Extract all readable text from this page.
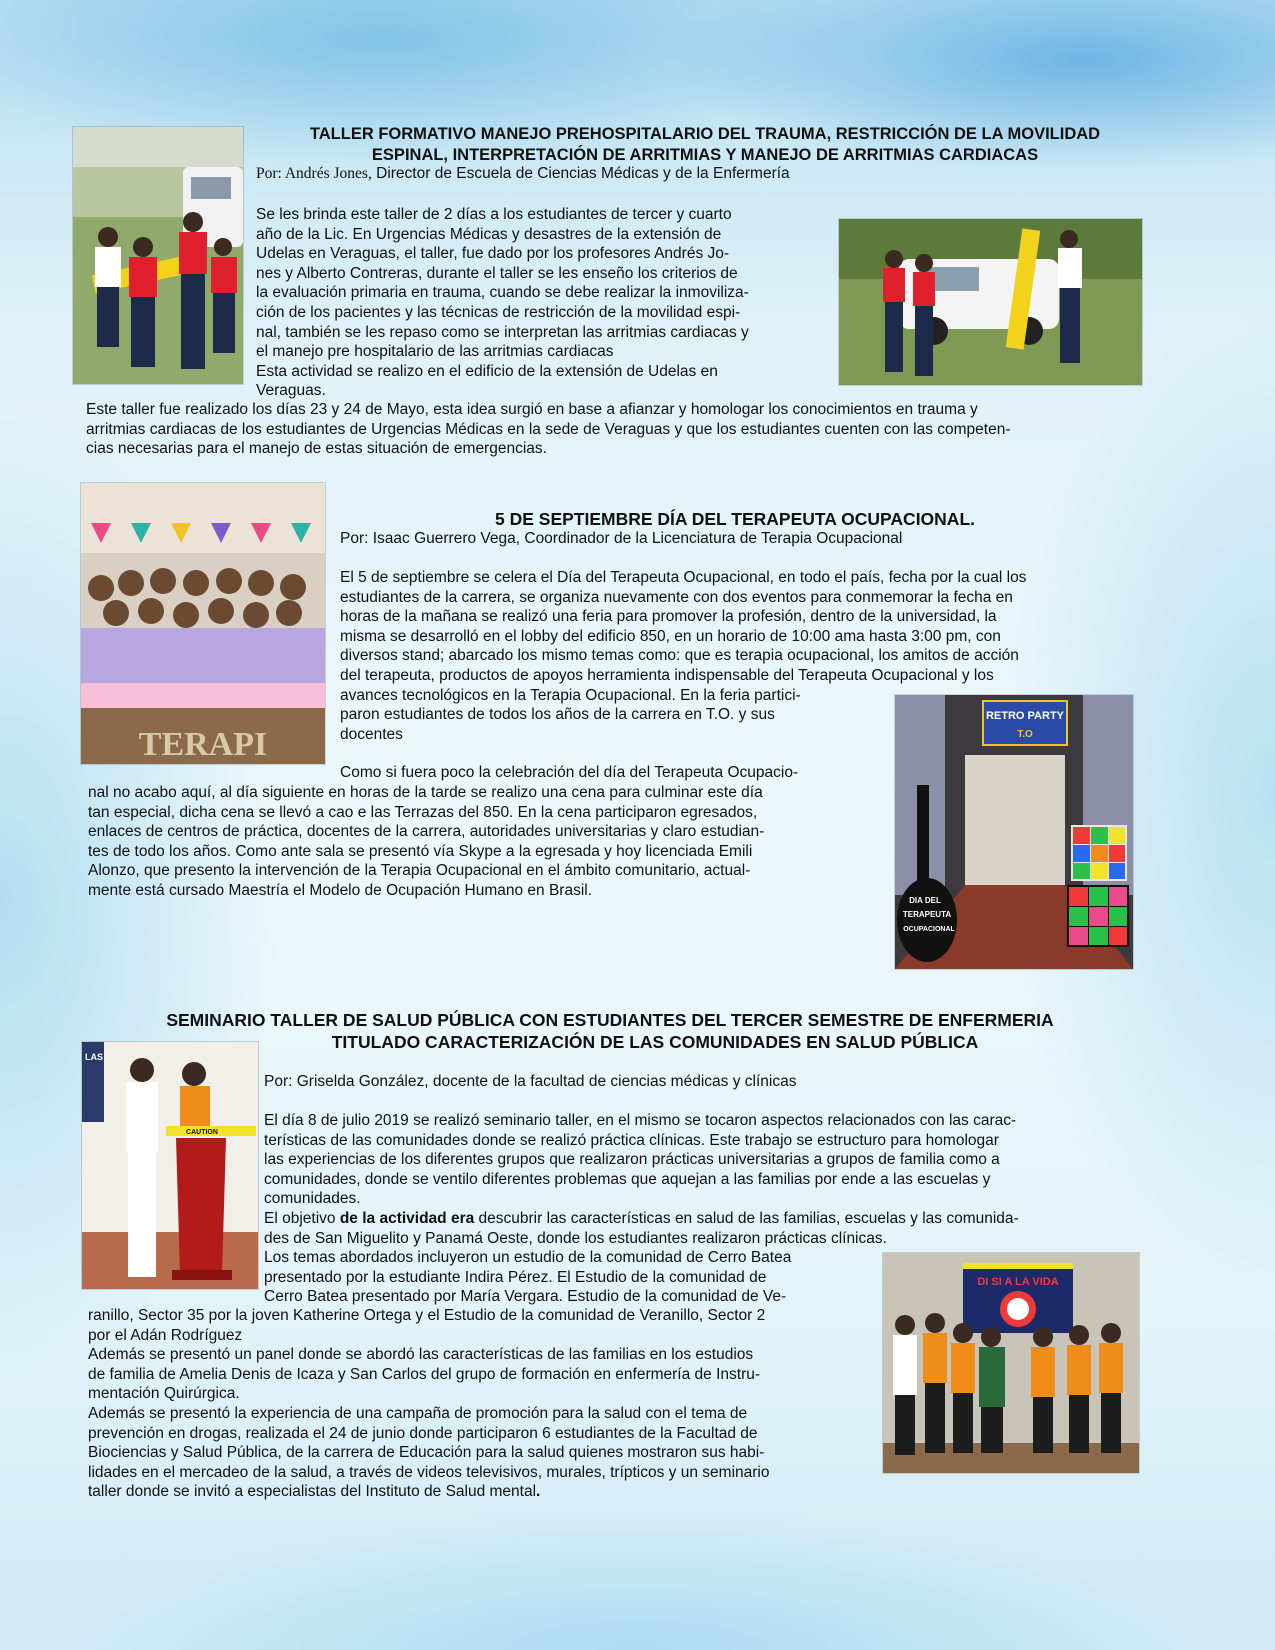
TALLER FORMATIVO MANEJO PREHOSPITALARIO DEL TRAUMA, RESTRICCIÓN DE LA MOVILIDAD
ESPINAL, INTERPRETACIÓN DE ARRITMIAS Y MANEJO DE ARRITMIAS CARDIACAS
Por: Andrés Jones, Director de Escuela de Ciencias Médicas y de la Enfermería
Se les brinda este taller de 2 días a los estudiantes de tercer y cuarto
año de la Lic. En Urgencias Médicas y desastres de la extensión de
Udelas en Veraguas, el taller, fue dado por los profesores Andrés Jo-
nes y Alberto Contreras, durante el taller se les enseño los criterios de
la evaluación primaria en trauma, cuando se debe realizar la inmoviliza-
ción de los pacientes y las técnicas de restricción de la movilidad espi-
nal, también se les repaso como se interpretan las arritmias cardiacas y
el manejo pre hospitalario de las arritmias cardiacas
Esta actividad se realizo en el edificio de la extensión de Udelas en
Veraguas.
Este taller fue realizado los días 23 y 24 de Mayo, esta idea surgió en base a afianzar y homologar los conocimientos en trauma y
arritmias cardiacas de los estudiantes de Urgencias Médicas en la sede de Veraguas y que los estudiantes cuenten con las competen-
cias necesarias para el manejo de estas situación de emergencias.
TERAPI
5 DE SEPTIEMBRE DÍA DEL TERAPEUTA OCUPACIONAL.
Por: Isaac Guerrero Vega, Coordinador de la Licenciatura de Terapia Ocupacional
El 5 de septiembre se celera el Día del Terapeuta Ocupacional, en todo el país, fecha por la cual los
estudiantes de la carrera, se organiza nuevamente con dos eventos para conmemorar la fecha en
horas de la mañana se realizó una feria para promover la profesión, dentro de la universidad, la
misma se desarrolló en el lobby del edificio 850, en un horario de 10:00 ama hasta 3:00 pm, con
diversos stand; abarcado los mismo temas como: que es terapia ocupacional, los amitos de acción
del terapeuta, productos de apoyos herramienta indispensable del Terapeuta Ocupacional y los
avances tecnológicos en la Terapia Ocupacional. En la feria partici-
paron estudiantes de todos los años de la carrera en T.O. y sus
docentes
RETRO PARTY
T.O
DIA DEL
TERAPEUTA
OCUPACIONAL
Como si fuera poco la celebración del día del Terapeuta Ocupacio-
nal no acabo aquí, al día siguiente en horas de la tarde se realizo una cena para culminar este día
tan especial, dicha cena se llevó a cao e las Terrazas del 850. En la cena participaron egresados,
enlaces de centros de práctica, docentes de la carrera, autoridades universitarias y claro estudian-
tes de todo los años. Como ante sala se presentó vía Skype a la egresada y hoy licenciada Emili
Alonzo, que presento la intervención de la Terapia Ocupacional en el ámbito comunitario, actual-
mente está cursado Maestría el Modelo de Ocupación Humano en Brasil.
SEMINARIO TALLER DE SALUD PÚBLICA CON ESTUDIANTES DEL TERCER SEMESTRE DE ENFERMERIA
TITULADO CARACTERIZACIÓN DE LAS COMUNIDADES EN SALUD PÚBLICA
LAS
CAUTION
Por: Griselda González, docente de la facultad de ciencias médicas y clínicas
El día 8 de julio 2019 se realizó seminario taller, en el mismo se tocaron aspectos relacionados con las carac-
terísticas de las comunidades donde se realizó práctica clínicas. Este trabajo se estructuro para homologar
las experiencias de los diferentes grupos que realizaron prácticas universitarias a grupos de familia como a
comunidades, donde se ventilo diferentes problemas que aquejan a las familias por ende a las escuelas y
comunidades.
El objetivo de la actividad era descubrir las características en salud de las familias, escuelas y las comunida-
des de San Miguelito y Panamá Oeste, donde los estudiantes realizaron prácticas clínicas.
Los temas abordados incluyeron un estudio de la comunidad de Cerro Batea
presentado por la estudiante Indira Pérez. El Estudio de la comunidad de
Cerro Batea presentado por María Vergara. Estudio de la comunidad de Ve-
DI SI A LA VIDA
ranillo, Sector 35 por la joven Katherine Ortega y el Estudio de la comunidad de Veranillo, Sector 2
por el Adán Rodríguez
Además se presentó un panel donde se abordó las características de las familias en los estudios
de familia de Amelia Denis de Icaza y San Carlos del grupo de formación en enfermería de Instru-
mentación Quirúrgica.
Además se presentó la experiencia de una campaña de promoción para la salud con el tema de
prevención en drogas, realizada el 24 de junio donde participaron 6 estudiantes de la Facultad de
Biociencias y Salud Pública, de la carrera de Educación para la salud quienes mostraron sus habi-
lidades en el mercadeo de la salud, a través de videos televisivos, murales, trípticos y un seminario
taller donde se invitó a especialistas del Instituto de Salud mental.
